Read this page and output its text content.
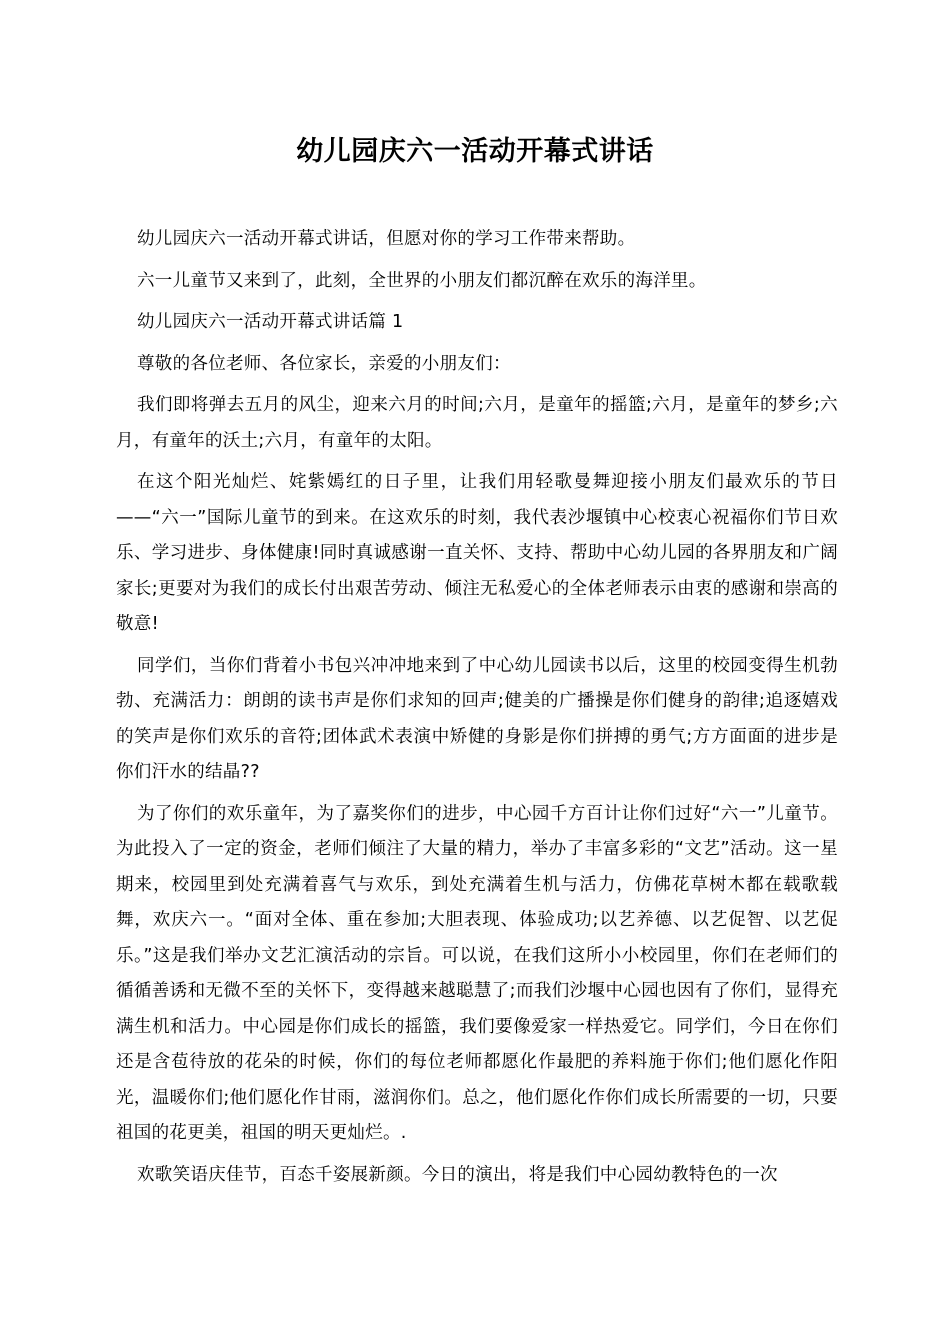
幼儿园庆六一活动开幕式讲话

幼儿园庆六一活动开幕式讲话，但愿对你的学习工作带来帮助。

六一儿童节又来到了，此刻，全世界的小朋友们都沉醉在欢乐的海洋里。

幼儿园庆六一活动开幕式讲话篇 1

尊敬的各位老师、各位家长，亲爱的小朋友们：

我们即将弹去五月的风尘，迎来六月的时间;六月，是童年的摇篮;六月，是童年的梦乡;六月，有童年的沃土;六月，有童年的太阳。

在这个阳光灿烂、姹紫嫣红的日子里，让我们用轻歌曼舞迎接小朋友们最欢乐的节日——“六一”国际儿童节的到来。在这欢乐的时刻，我代表沙堰镇中心校衷心祝福你们节日欢乐、学习进步、身体健康!同时真诚感谢一直关怀、支持、帮助中心幼儿园的各界朋友和广阔家长;更要对为我们的成长付出艰苦劳动、倾注无私爱心的全体老师表示由衷的感谢和崇高的敬意!

同学们，当你们背着小书包兴冲冲地来到了中心幼儿园读书以后，这里的校园变得生机勃勃、充满活力：朗朗的读书声是你们求知的回声;健美的广播操是你们健身的韵律;追逐嬉戏的笑声是你们欢乐的音符;团体武术表演中矫健的身影是你们拼搏的勇气;方方面面的进步是你们汗水的结晶??

为了你们的欢乐童年，为了嘉奖你们的进步，中心园千方百计让你们过好“六一”儿童节。为此投入了一定的资金，老师们倾注了大量的精力，举办了丰富多彩的“文艺”活动。这一星期来，校园里到处充满着喜气与欢乐，到处充满着生机与活力，仿佛花草树木都在载歌载舞，欢庆六一。“面对全体、重在参加;大胆表现、体验成功;以艺养德、以艺促智、以艺促乐。”这是我们举办文艺汇演活动的宗旨。可以说，在我们这所小小校园里，你们在老师们的循循善诱和无微不至的关怀下，变得越来越聪慧了;而我们沙堰中心园也因有了你们，显得充满生机和活力。中心园是你们成长的摇篮，我们要像爱家一样热爱它。同学们，今日在你们还是含苞待放的花朵的时候，你们的每位老师都愿化作最肥的养料施于你们;他们愿化作阳光，温暖你们;他们愿化作甘雨，滋润你们。总之，他们愿化作你们成长所需要的一切，只要祖国的花更美，祖国的明天更灿烂。.

欢歌笑语庆佳节，百态千姿展新颜。今日的演出，将是我们中心园幼教特色的一次
